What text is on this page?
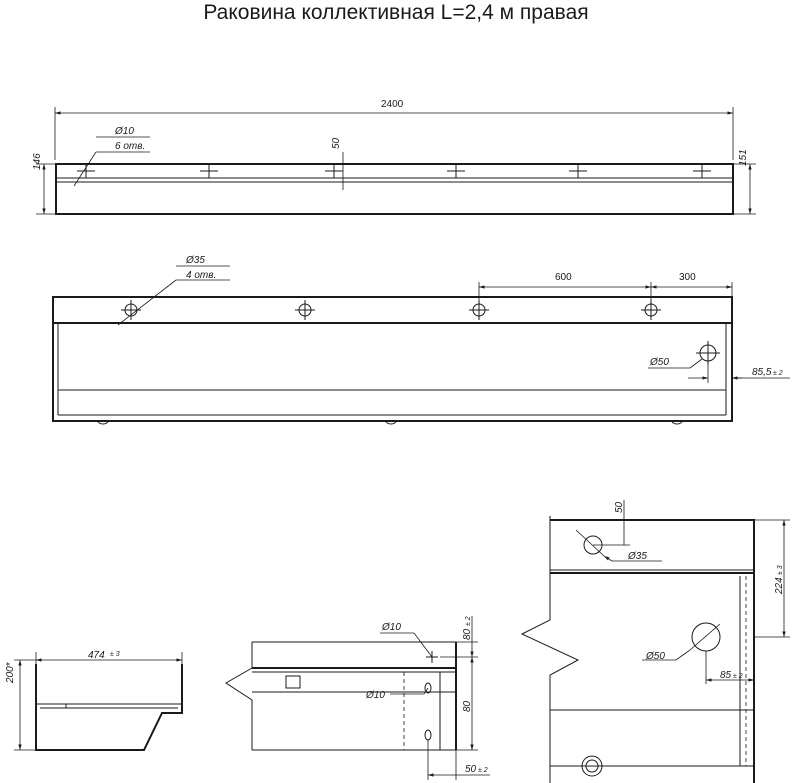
Раковина коллективная L=2,4 м правая
2400
146	151
50
Ø10
6 отв.
Ø35
4 отв.	600	300
Ø50
85,5 ± 2
474 ± 3
200*
Ø10
Ø10
80
± 2
80
50 ± 2
Ø35
50
Ø50
85 ± 2
224
± 3
